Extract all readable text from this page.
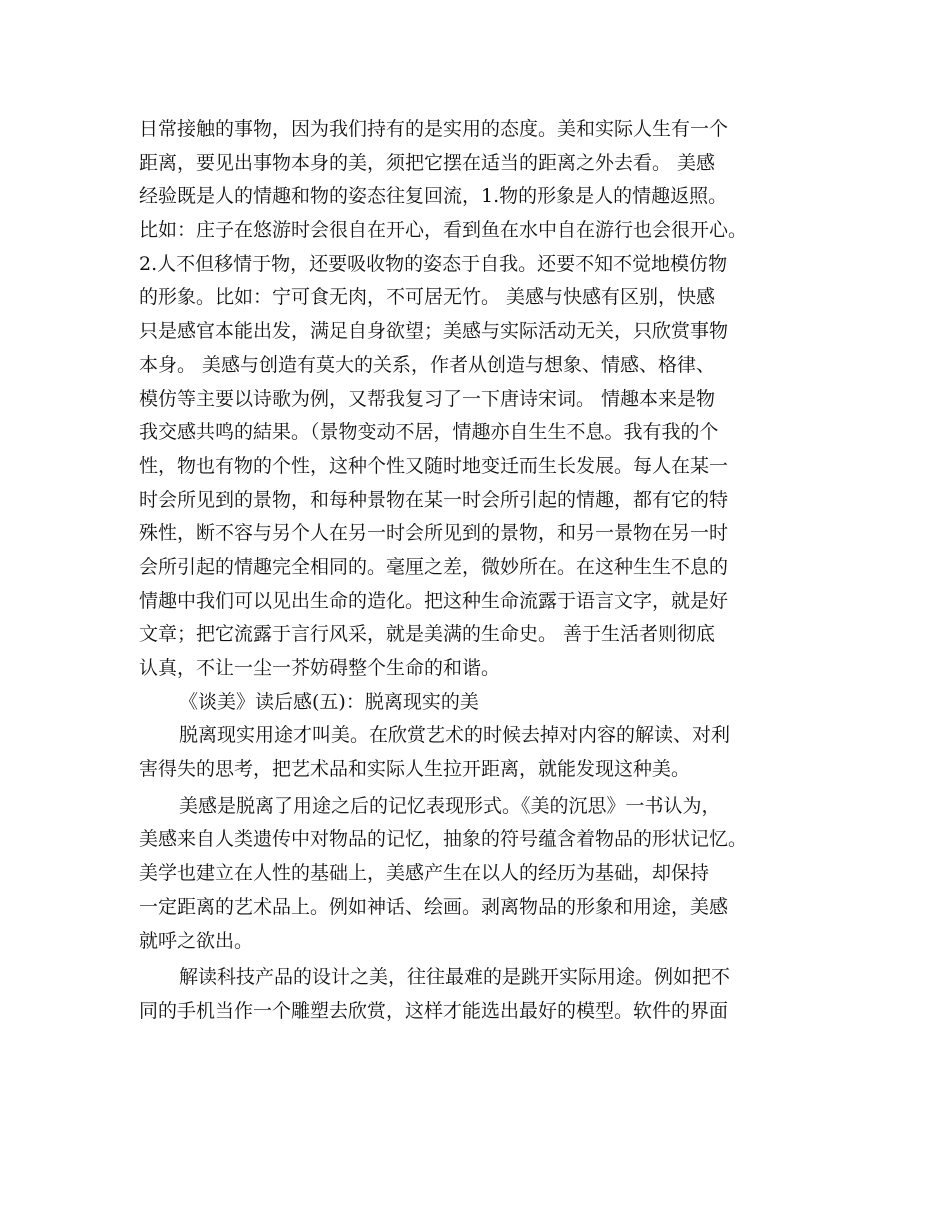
日常接触的事物，因为我们持有的是实用的态度。美和实际人生有一个
距离，要见出事物本身的美，须把它摆在适当的距离之外去看。 美感
经验既是人的情趣和物的姿态往复回流，1.物的形象是人的情趣返照。
比如：庄子在悠游时会很自在开心，看到鱼在水中自在游行也会很开心。
2.人不但移情于物，还要吸收物的姿态于自我。还要不知不觉地模仿物
的形象。比如：宁可食无肉，不可居无竹。 美感与快感有区别，快感
只是感官本能出发，满足自身欲望；美感与实际活动无关，只欣赏事物
本身。 美感与创造有莫大的关系，作者从创造与想象、情感、格律、
模仿等主要以诗歌为例，又帮我复习了一下唐诗宋词。 情趣本来是物
我交感共鸣的結果。（景物变动不居，情趣亦自生生不息。我有我的个
性，物也有物的个性，这种个性又随时地变迁而生长发展。每人在某一
时会所见到的景物，和每种景物在某一时会所引起的情趣，都有它的特
殊性，断不容与另个人在另一时会所见到的景物，和另一景物在另一时
会所引起的情趣完全相同的。毫厘之差，微妙所在。在这种生生不息的
情趣中我们可以见出生命的造化。把这种生命流露于语言文字，就是好
文章；把它流露于言行风采，就是美满的生命史。 善于生活者则彻底
认真，不让一尘一芥妨碍整个生命的和谐。
《谈美》读后感(五)：脱离现实的美
脱离现实用途才叫美。在欣赏艺术的时候去掉对内容的解读、对利
害得失的思考，把艺术品和实际人生拉开距离，就能发现这种美。
美感是脱离了用途之后的记忆表现形式。《美的沉思》一书认为，
美感来自人类遗传中对物品的记忆，抽象的符号蕴含着物品的形状记忆。
美学也建立在人性的基础上，美感产生在以人的经历为基础，却保持
一定距离的艺术品上。例如神话、绘画。剥离物品的形象和用途，美感
就呼之欲出。
解读科技产品的设计之美，往往最难的是跳开实际用途。例如把不
同的手机当作一个雕塑去欣赏，这样才能选出最好的模型。软件的界面
